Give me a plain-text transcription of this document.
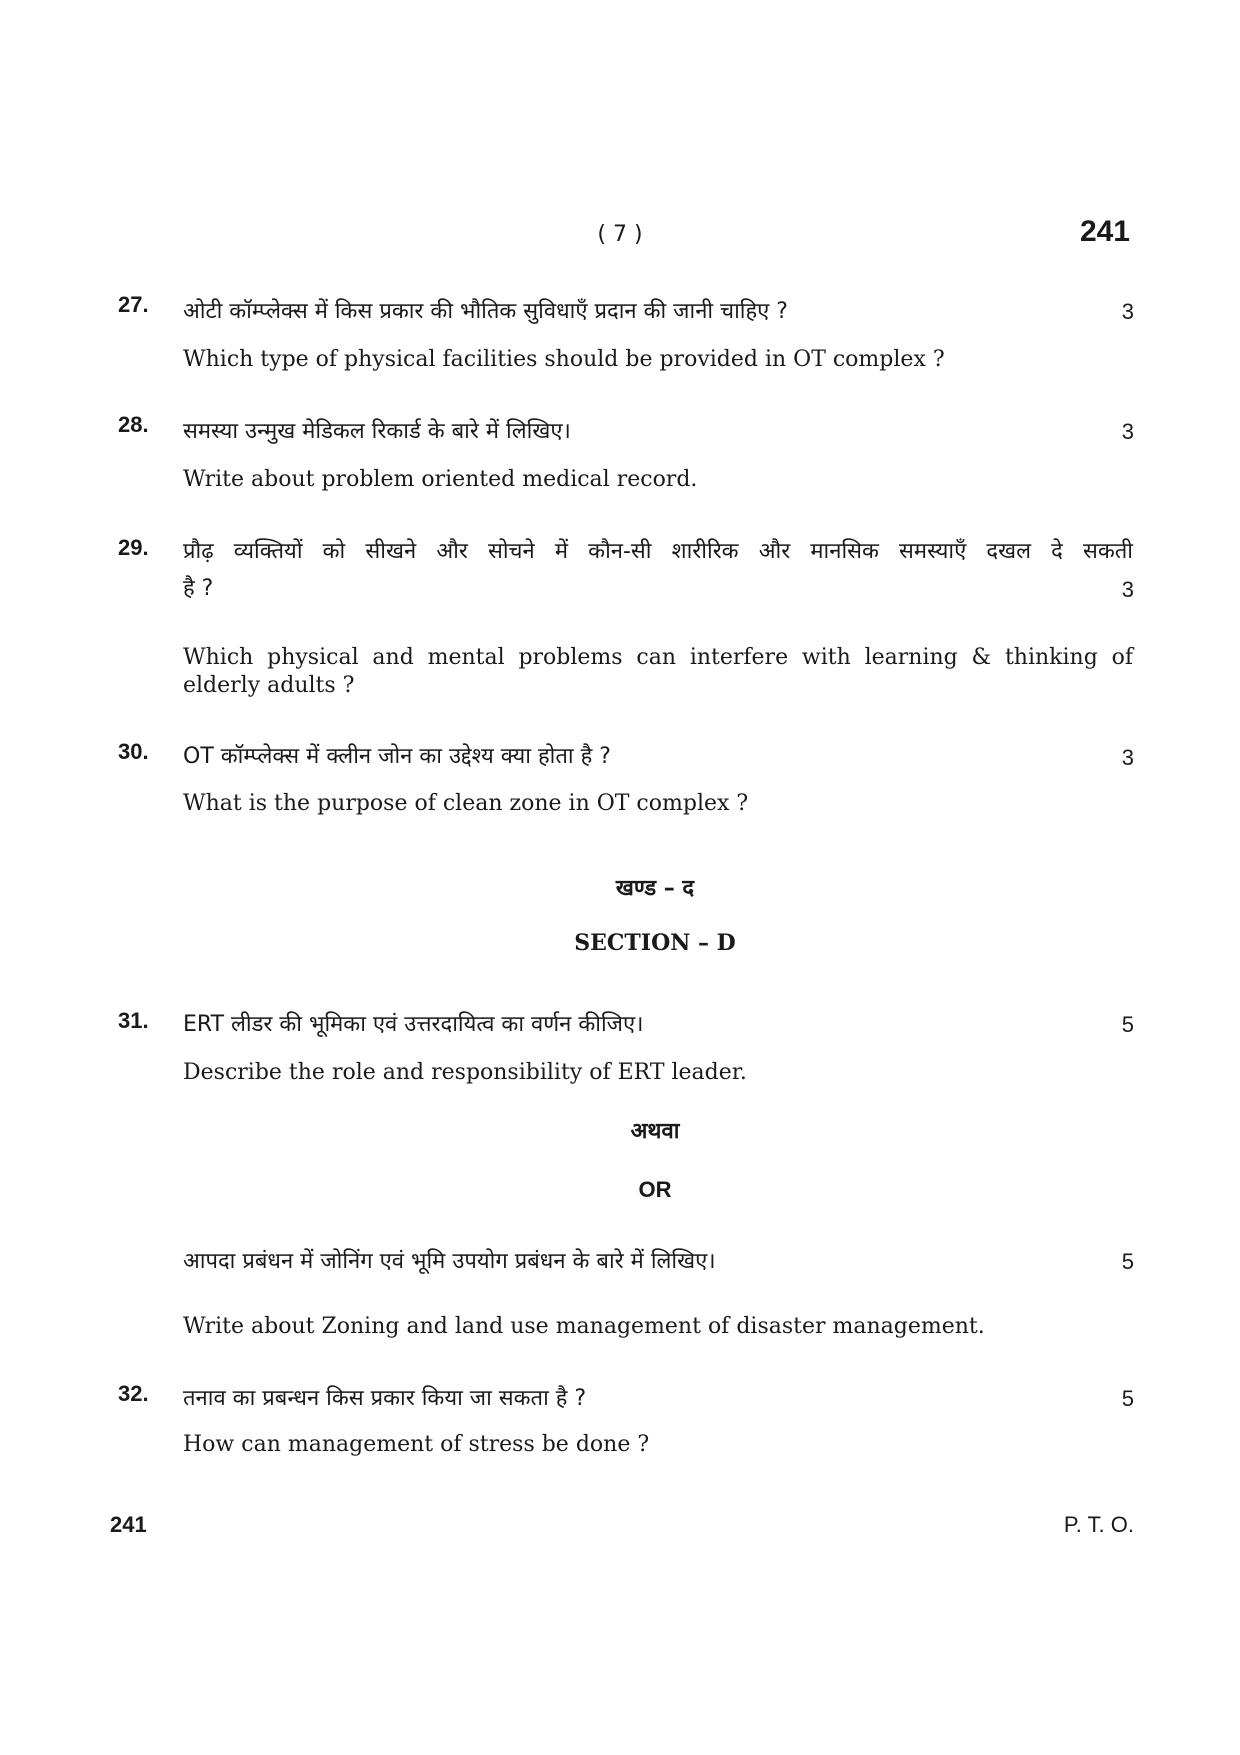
( 7 )	241
27.	ओटी कॉम्प्लेक्स में किस प्रकार की भौतिक सुविधाएँ प्रदान की जानी चाहिए ?	3
Which type of physical facilities should be provided in OT complex ?
28.	समस्या उन्मुख मेडिकल रिकार्ड के बारे में लिखिए।	3
Write about problem oriented medical record.
29.	प्रौढ़ व्यक्तियों को सीखने और सोचने में कौन-सी शारीरिक और मानसिक समस्याएँ दखल दे सकती
है ?	3
Which physical and mental problems can interfere with learning & thinking of elderly adults ?
30.	OT कॉम्प्लेक्स में क्लीन जोन का उद्देश्य क्या होता है ?	3
What is the purpose of clean zone in OT complex ?
खण्ड – द
SECTION – D
31.	ERT लीडर की भूमिका एवं उत्तरदायित्व का वर्णन कीजिए।	5
Describe the role and responsibility of ERT leader.
अथवा
OR
आपदा प्रबंधन में जोनिंग एवं भूमि उपयोग प्रबंधन के बारे में लिखिए।	5
Write about Zoning and land use management of disaster management.
32.	तनाव का प्रबन्धन किस प्रकार किया जा सकता है ?	5
How can management of stress be done ?
241	P. T. O.
